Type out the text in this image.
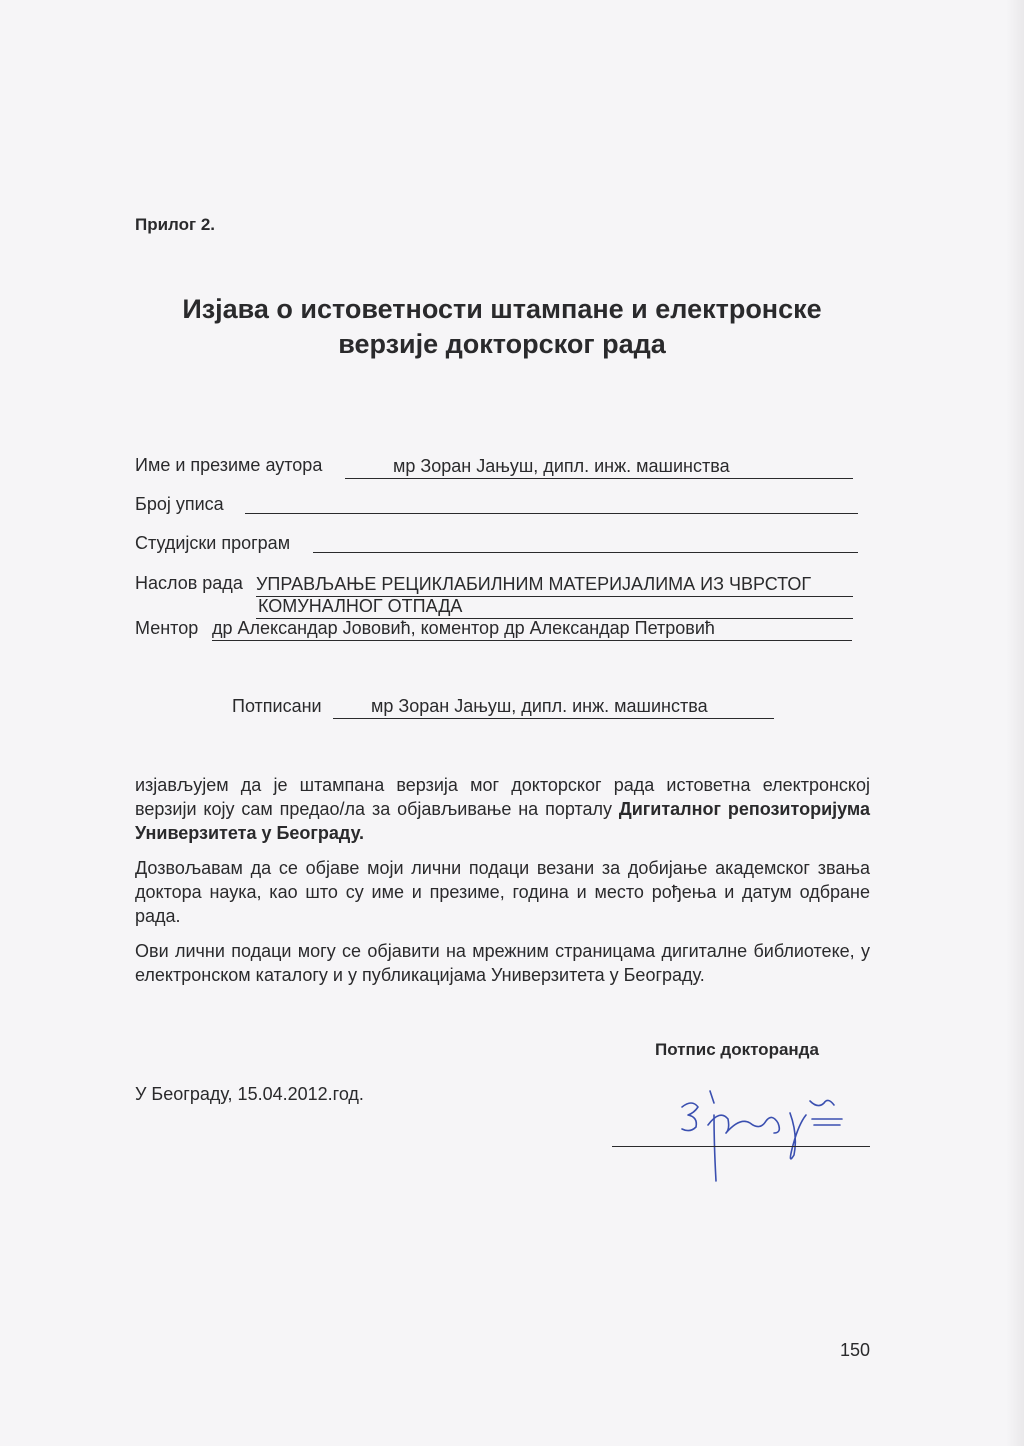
Прилог 2.
Изјава о истоветности штампане и електронске
верзије докторског рада
Име и презиме аутора	мр Зоран Јањуш, дипл. инж. машинства
Број уписа
Студијски програм
Наслов рада УПРАВЉАЊЕ РЕЦИКЛАБИЛНИМ МАТЕРИЈАЛИМА ИЗ ЧВРСТОГ
КОМУНАЛНОГ ОТПАДА
Ментор др Александар Јововић, коментор др Александар Петровић
Потписани	мр Зоран Јањуш, дипл. инж. машинства
изјављујем да је штампана верзија мог докторског рада истоветна електронској верзији коју сам предао/ла за објављивање на порталу Дигиталног репозиторијума Универзитета у Београду.
Дозвољавам да се објаве моји лични подаци везани за добијање академског звања доктора наука, као што су име и презиме, година и место рођења и датум одбране рада.
Ови лични подаци могу се објавити на мрежним страницама дигиталне библиотеке, у електронском каталогу и у публикацијама Универзитета у Београду.
Потпис докторанда
У Београду, 15.04.2012.год.
150
